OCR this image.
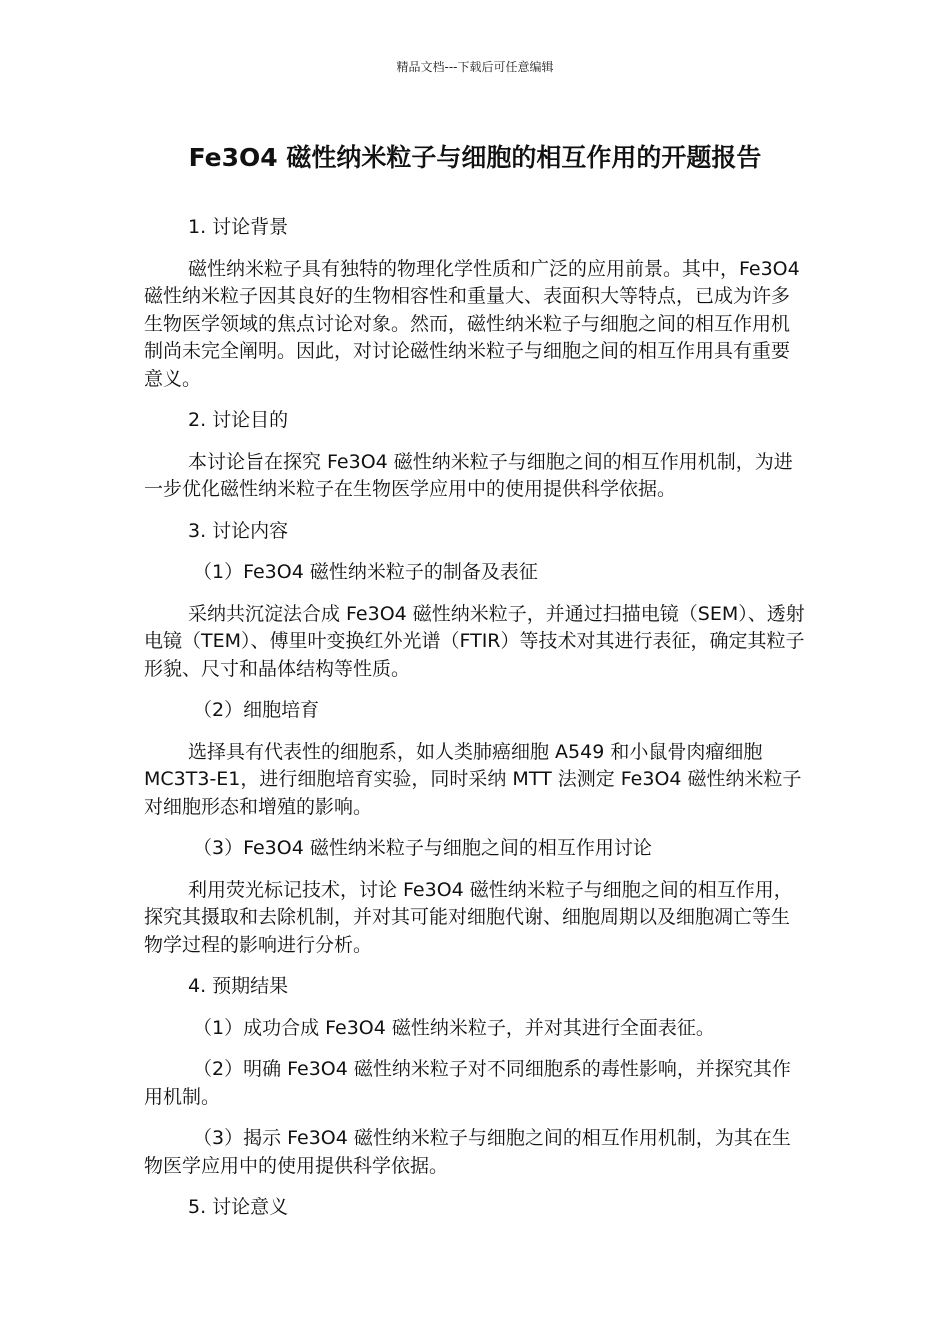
精品文档---下载后可任意编辑
Fe3O4 磁性纳米粒子与细胞的相互作用的开题报告

1. 讨论背景

磁性纳米粒子具有独特的物理化学性质和广泛的应用前景。其中，Fe3O4 磁性纳米粒子因其良好的生物相容性和重量大、表面积大等特点，已成为许多生物医学领域的焦点讨论对象。然而，磁性纳米粒子与细胞之间的相互作用机制尚未完全阐明。因此，对讨论磁性纳米粒子与细胞之间的相互作用具有重要意义。

2. 讨论目的

本讨论旨在探究 Fe3O4 磁性纳米粒子与细胞之间的相互作用机制，为进一步优化磁性纳米粒子在生物医学应用中的使用提供科学依据。

3. 讨论内容

（1）Fe3O4 磁性纳米粒子的制备及表征

采纳共沉淀法合成 Fe3O4 磁性纳米粒子，并通过扫描电镜（SEM）、透射电镜（TEM）、傅里叶变换红外光谱（FTIR）等技术对其进行表征，确定其粒子形貌、尺寸和晶体结构等性质。

（2）细胞培育

选择具有代表性的细胞系，如人类肺癌细胞 A549 和小鼠骨肉瘤细胞 MC3T3-E1，进行细胞培育实验，同时采纳 MTT 法测定 Fe3O4 磁性纳米粒子对细胞形态和增殖的影响。

（3）Fe3O4 磁性纳米粒子与细胞之间的相互作用讨论

利用荧光标记技术，讨论 Fe3O4 磁性纳米粒子与细胞之间的相互作用，探究其摄取和去除机制，并对其可能对细胞代谢、细胞周期以及细胞凋亡等生物学过程的影响进行分析。

4. 预期结果

（1）成功合成 Fe3O4 磁性纳米粒子，并对其进行全面表征。

（2）明确 Fe3O4 磁性纳米粒子对不同细胞系的毒性影响，并探究其作用机制。

（3）揭示 Fe3O4 磁性纳米粒子与细胞之间的相互作用机制，为其在生物医学应用中的使用提供科学依据。

5. 讨论意义
